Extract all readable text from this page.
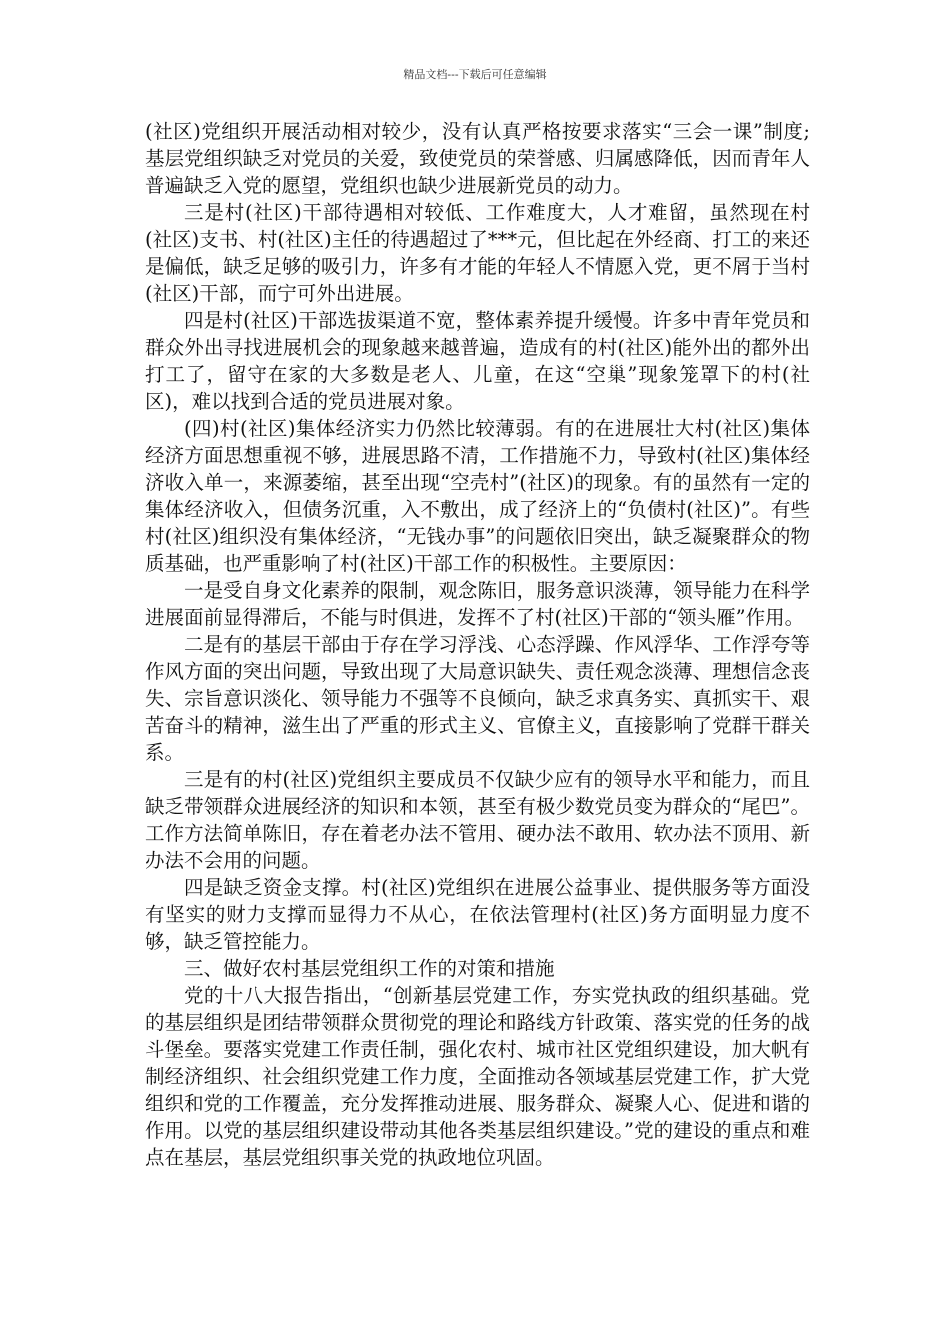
精品文档---下载后可任意编辑

(社区)党组织开展活动相对较少，没有认真严格按要求落实“三会一课”制度;基层党组织缺乏对党员的关爱，致使党员的荣誉感、归属感降低，因而青年人普遍缺乏入党的愿望，党组织也缺少进展新党员的动力。

三是村(社区)干部待遇相对较低、工作难度大，人才难留，虽然现在村(社区)支书、村(社区)主任的待遇超过了***元，但比起在外经商、打工的来还是偏低，缺乏足够的吸引力，许多有才能的年轻人不情愿入党，更不屑于当村(社区)干部，而宁可外出进展。

四是村(社区)干部选拔渠道不宽，整体素养提升缓慢。许多中青年党员和群众外出寻找进展机会的现象越来越普遍，造成有的村(社区)能外出的都外出打工了，留守在家的大多数是老人、儿童，在这“空巢”现象笼罩下的村(社区)，难以找到合适的党员进展对象。

(四)村(社区)集体经济实力仍然比较薄弱。有的在进展壮大村(社区)集体经济方面思想重视不够，进展思路不清，工作措施不力，导致村(社区)集体经济收入单一，来源萎缩，甚至出现“空壳村”(社区)的现象。有的虽然有一定的集体经济收入，但债务沉重，入不敷出，成了经济上的“负债村(社区)”。有些村(社区)组织没有集体经济，“无钱办事”的问题依旧突出，缺乏凝聚群众的物质基础，也严重影响了村(社区)干部工作的积极性。主要原因：

一是受自身文化素养的限制，观念陈旧，服务意识淡薄，领导能力在科学进展面前显得滞后，不能与时俱进，发挥不了村(社区)干部的“领头雁”作用。

二是有的基层干部由于存在学习浮浅、心态浮躁、作风浮华、工作浮夸等作风方面的突出问题，导致出现了大局意识缺失、责任观念淡薄、理想信念丧失、宗旨意识淡化、领导能力不强等不良倾向，缺乏求真务实、真抓实干、艰苦奋斗的精神，滋生出了严重的形式主义、官僚主义，直接影响了党群干群关系。

三是有的村(社区)党组织主要成员不仅缺少应有的领导水平和能力，而且缺乏带领群众进展经济的知识和本领，甚至有极少数党员变为群众的“尾巴”。工作方法简单陈旧，存在着老办法不管用、硬办法不敢用、软办法不顶用、新办法不会用的问题。

四是缺乏资金支撑。村(社区)党组织在进展公益事业、提供服务等方面没有坚实的财力支撑而显得力不从心，在依法管理村(社区)务方面明显力度不够，缺乏管控能力。

三、做好农村基层党组织工作的对策和措施

党的十八大报告指出，“创新基层党建工作，夯实党执政的组织基础。党的基层组织是团结带领群众贯彻党的理论和路线方针政策、落实党的任务的战斗堡垒。要落实党建工作责任制，强化农村、城市社区党组织建设，加大帆有制经济组织、社会组织党建工作力度，全面推动各领域基层党建工作，扩大党组织和党的工作覆盖，充分发挥推动进展、服务群众、凝聚人心、促进和谐的作用。以党的基层组织建设带动其他各类基层组织建设。”党的建设的重点和难点在基层，基层党组织事关党的执政地位巩固。
